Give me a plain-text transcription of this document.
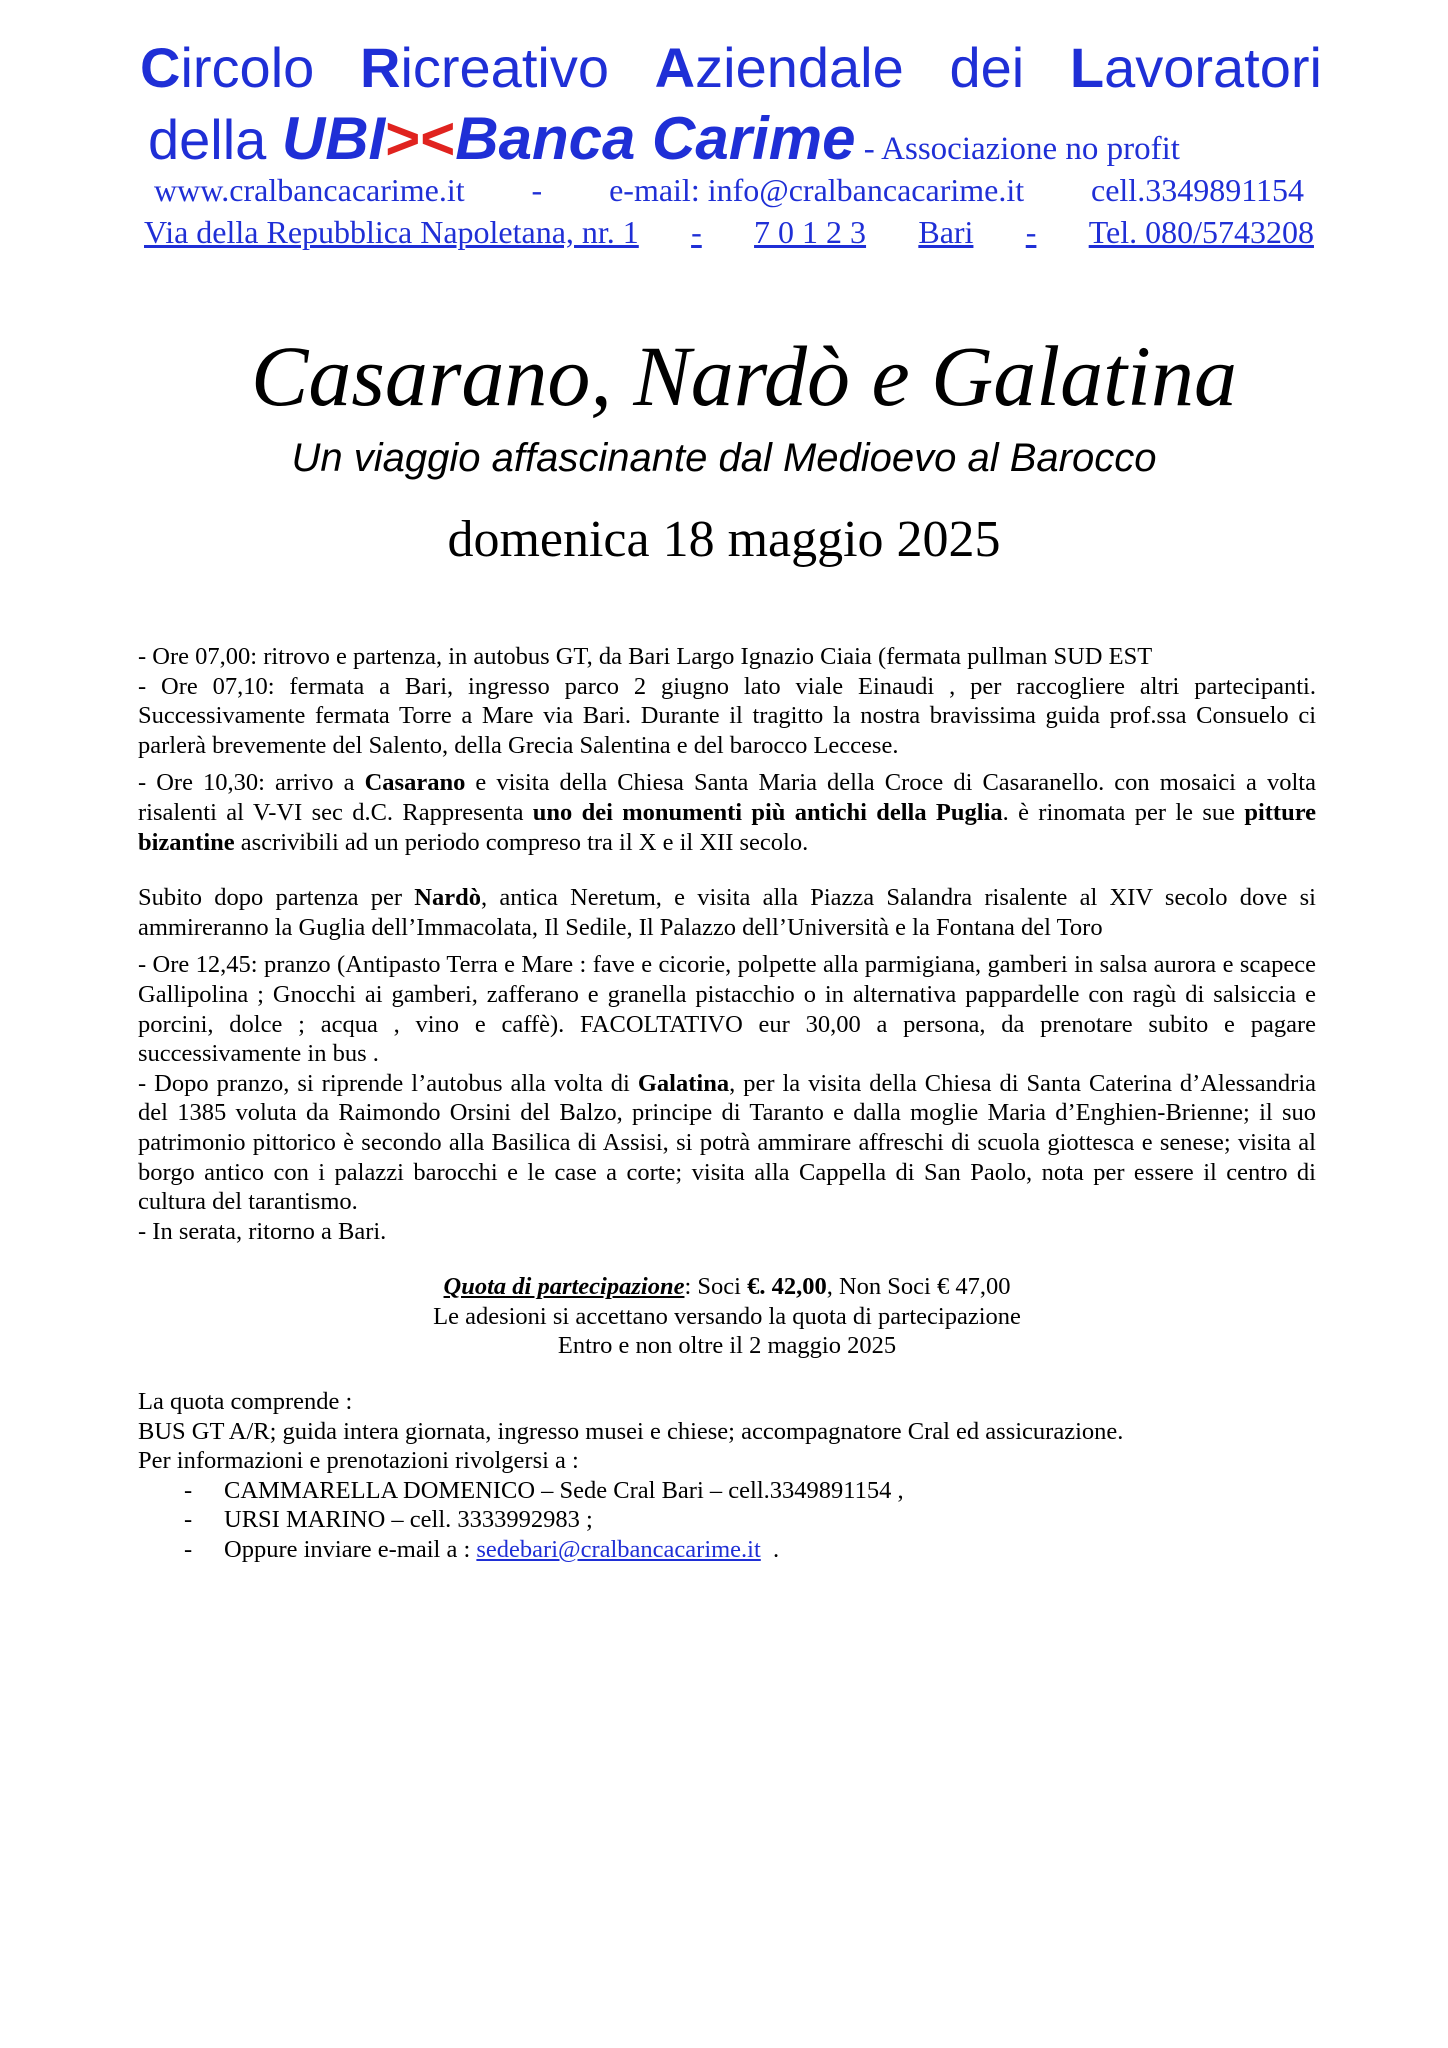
Circolo Ricreativo Aziendale dei Lavoratori
della UBI><Banca Carime - Associazione no profit
www.cralbancacarime.it - e-mail: info@cralbancacarime.it cell.3349891154
Via della Repubblica Napoletana, nr. 1 - 7 0 1 2 3 Bari - Tel. 080/5743208
Casarano, Nardò e Galatina
Un viaggio affascinante dal Medioevo al Barocco
domenica 18 maggio 2025

- Ore 07,00: ritrovo e partenza, in autobus GT, da Bari Largo Ignazio Ciaia (fermata pullman SUD EST

- Ore 07,10: fermata a Bari, ingresso parco 2 giugno lato viale Einaudi , per raccogliere altri partecipanti. Successivamente fermata Torre a Mare via Bari. Durante il tragitto la nostra bravissima guida prof.ssa Consuelo ci parlerà brevemente del Salento, della Grecia Salentina e del barocco Leccese.

- Ore 10,30: arrivo a Casarano e visita della Chiesa Santa Maria della Croce di Casaranello. con mosaici a volta risalenti al V-VI sec d.C. Rappresenta uno dei monumenti più antichi della Puglia. è rinomata per le sue pitture bizantine ascrivibili ad un periodo compreso tra il X e il XII secolo.

Subito dopo partenza per Nardò, antica Neretum, e visita alla Piazza Salandra risalente al XIV secolo dove si ammireranno la Guglia dell’Immacolata, Il Sedile, Il Palazzo dell’Università e la Fontana del Toro

- Ore 12,45: pranzo (Antipasto Terra e Mare : fave e cicorie, polpette alla parmigiana, gamberi in salsa aurora e scapece Gallipolina ; Gnocchi ai gamberi, zafferano e granella pistacchio o in alternativa pappardelle con ragù di salsiccia e porcini, dolce ; acqua , vino e caffè). FACOLTATIVO eur 30,00 a persona, da prenotare subito e pagare successivamente in bus .

- Dopo pranzo, si riprende l’autobus alla volta di Galatina, per la visita della Chiesa di Santa Caterina d’Alessandria del 1385 voluta da Raimondo Orsini del Balzo, principe di Taranto e dalla moglie Maria d’Enghien-Brienne; il suo patrimonio pittorico è secondo alla Basilica di Assisi, si potrà ammirare affreschi di scuola giottesca e senese; visita al borgo antico con i palazzi barocchi e le case a corte; visita alla Cappella di San Paolo, nota per essere il centro di cultura del tarantismo.

- In serata, ritorno a Bari.

Quota di partecipazione: Soci €. 42,00, Non Soci € 47,00

Le adesioni si accettano versando la quota di partecipazione

Entro e non oltre il 2 maggio 2025

La quota comprende :

BUS GT A/R; guida intera giornata, ingresso musei e chiese; accompagnatore Cral ed assicurazione.

Per informazioni e prenotazioni rivolgersi a :

-	CAMMARELLA DOMENICO – Sede Cral Bari – cell.3349891154 ,
-	URSI MARINO – cell. 3333992983 ;
-	Oppure inviare e-mail a : sedebari@cralbancacarime.it  .
